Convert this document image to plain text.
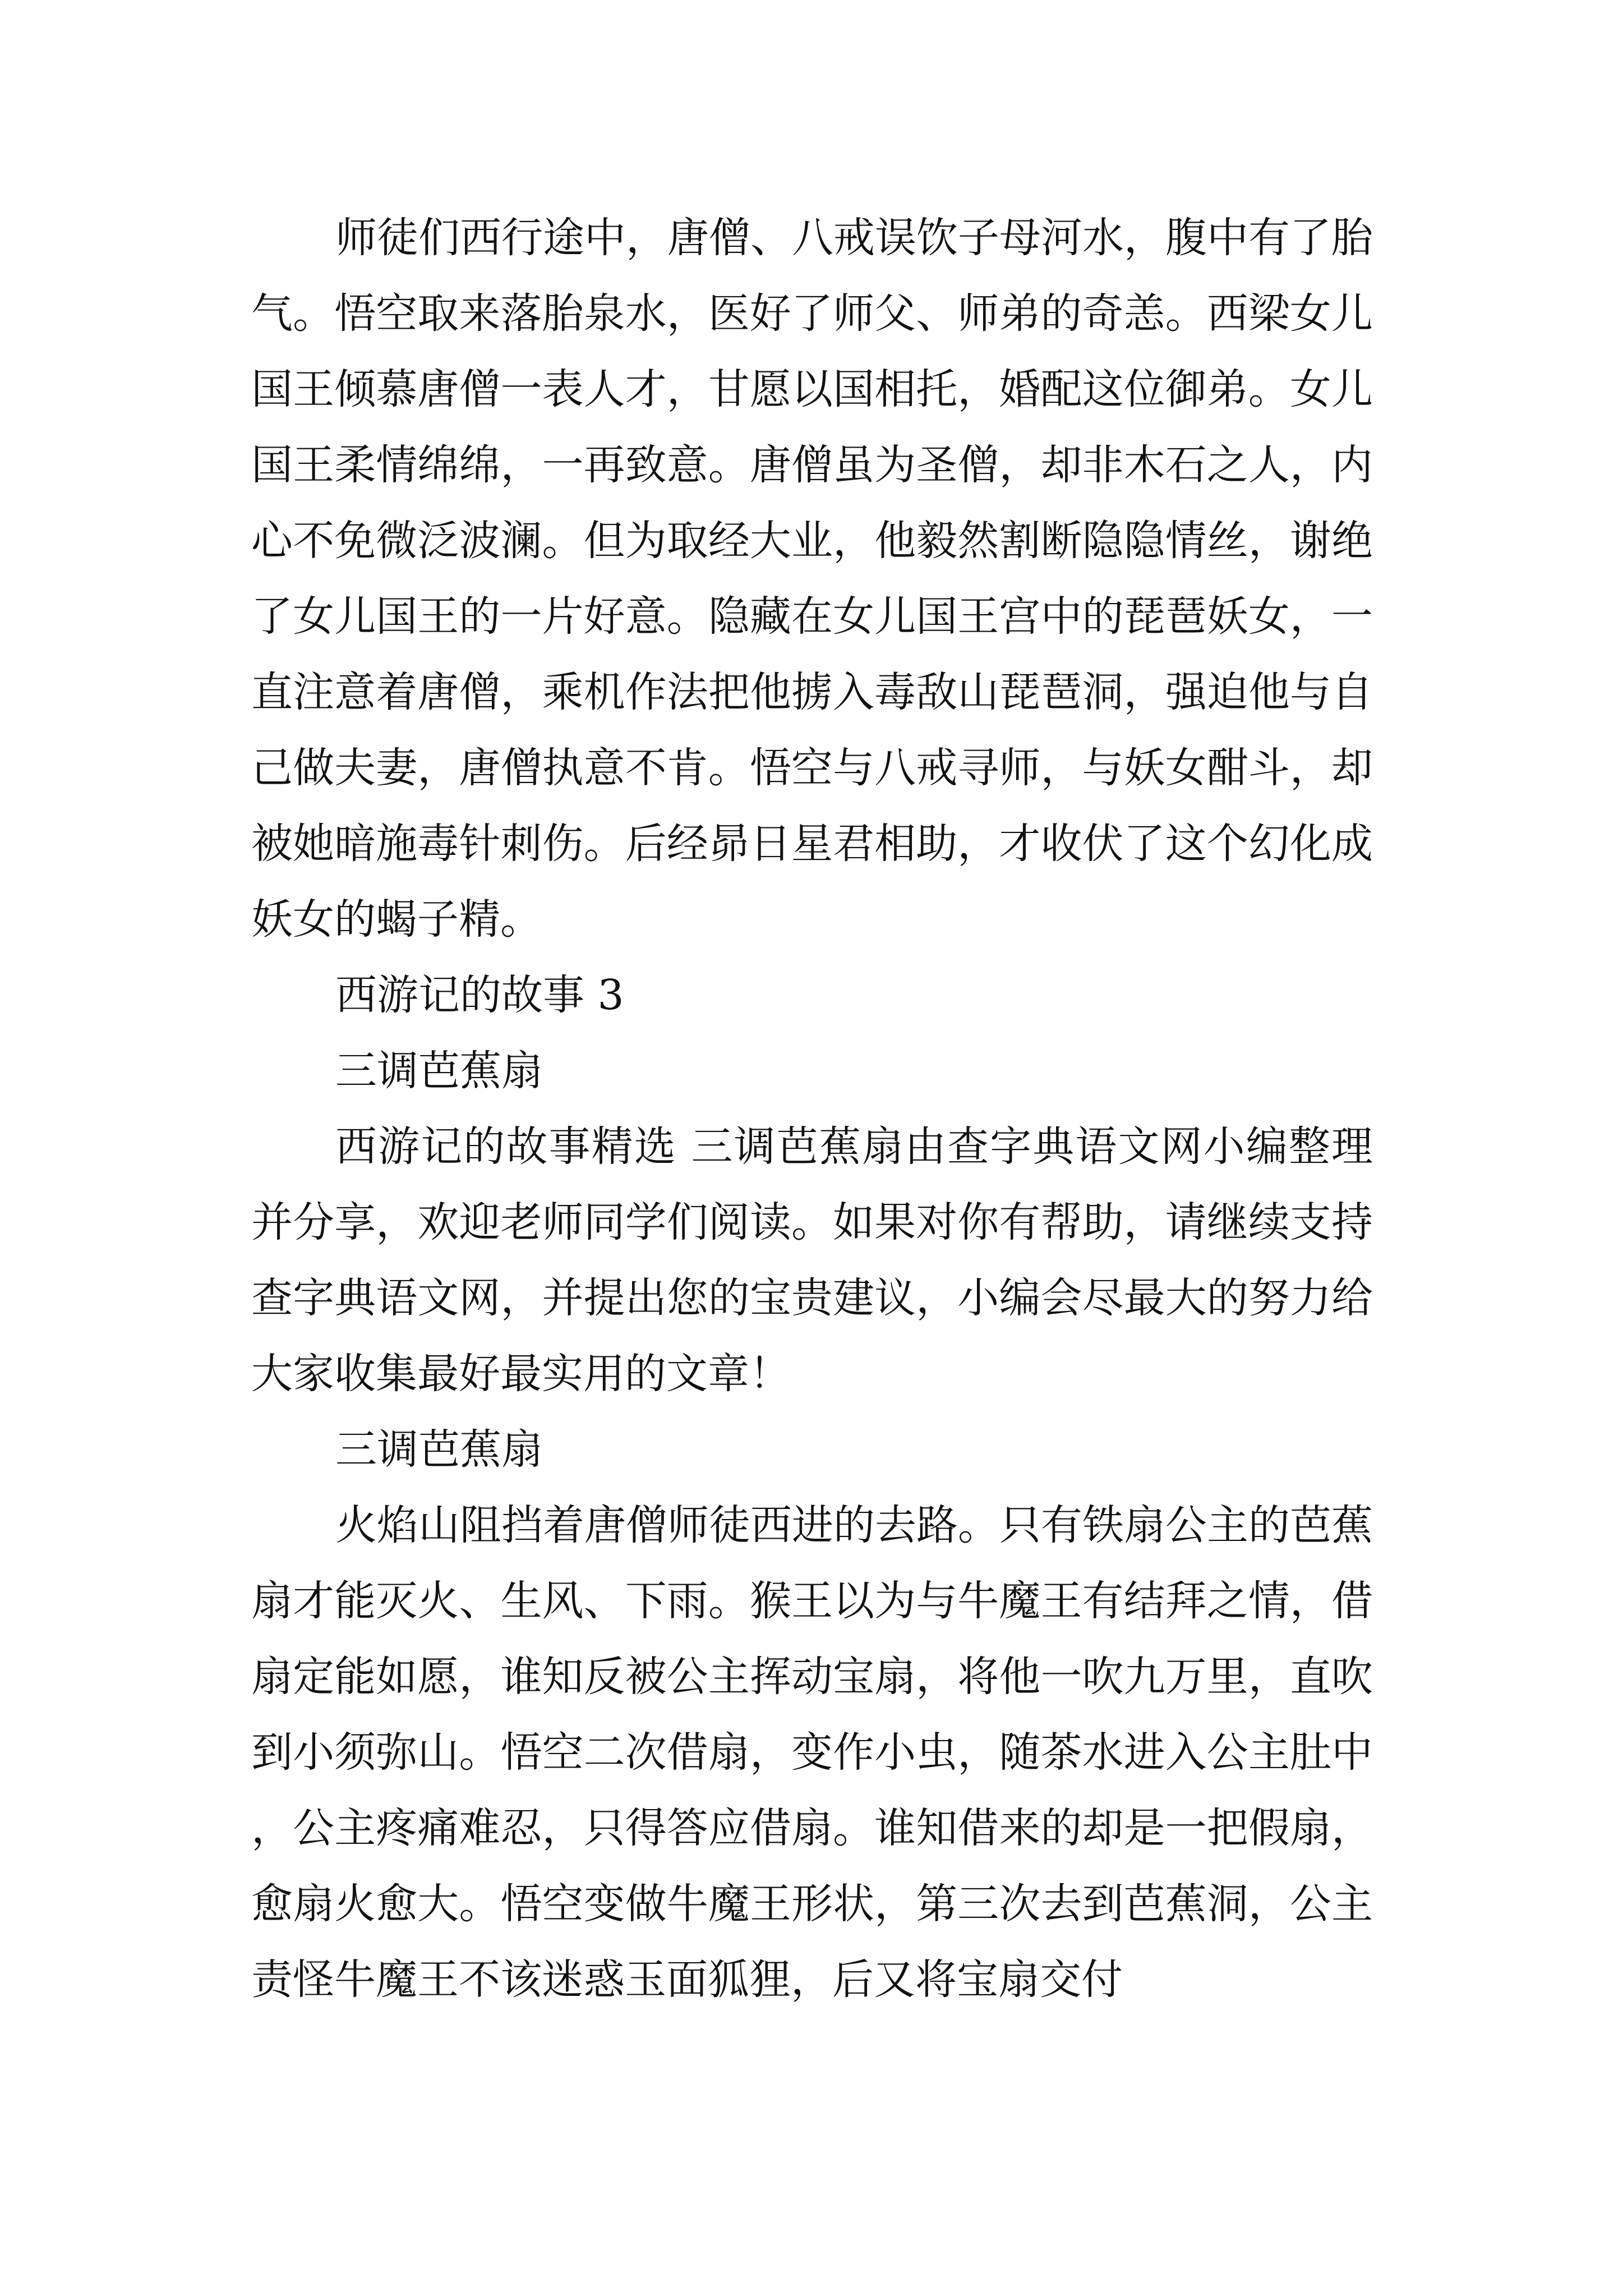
师徒们西行途中，唐僧、八戒误饮子母河水，腹中有了胎气。悟空取来落胎泉水，医好了师父、师弟的奇恙。西梁女儿国王倾慕唐僧一表人才，甘愿以国相托，婚配这位御弟。女儿国王柔情绵绵，一再致意。唐僧虽为圣僧，却非木石之人，内心不免微泛波澜。但为取经大业，他毅然割断隐隐情丝，谢绝了女儿国王的一片好意。隐藏在女儿国王宫中的琵琶妖女，一直注意着唐僧，乘机作法把他掳入毒敌山琵琶洞，强迫他与自己做夫妻，唐僧执意不肯。悟空与八戒寻师，与妖女酣斗，却被她暗施毒针刺伤。后经昴日星君相助，才收伏了这个幻化成妖女的蝎子精。

西游记的故事 3

三调芭蕉扇

西游记的故事精选 三调芭蕉扇由查字典语文网小编整理并分享，欢迎老师同学们阅读。如果对你有帮助，请继续支持查字典语文网，并提出您的宝贵建议，小编会尽最大的努力给大家收集最好最实用的文章！

三调芭蕉扇

火焰山阻挡着唐僧师徒西进的去路。只有铁扇公主的芭蕉扇才能灭火、生风、下雨。猴王以为与牛魔王有结拜之情，借扇定能如愿，谁知反被公主挥动宝扇，将他一吹九万里，直吹到小须弥山。悟空二次借扇，变作小虫，随茶水进入公主肚中，公主疼痛难忍，只得答应借扇。谁知借来的却是一把假扇，愈扇火愈大。悟空变做牛魔王形状，第三次去到芭蕉洞，公主责怪牛魔王不该迷惑玉面狐狸，后又将宝扇交付
